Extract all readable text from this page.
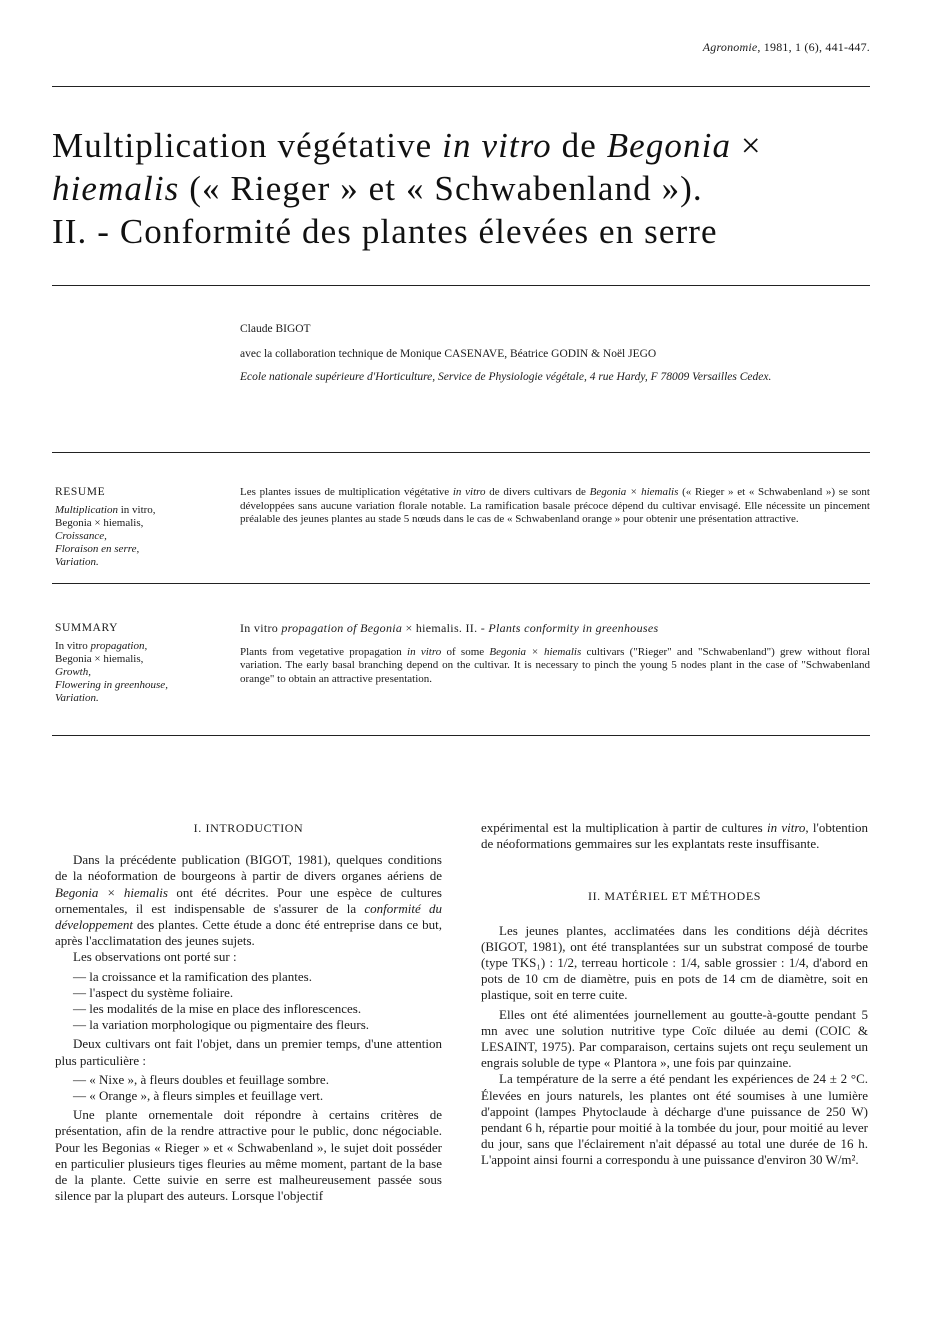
Agronomie, 1981, 1 (6), 441-447.
Multiplication végétative in vitro de Begonia ×
hiemalis (« Rieger » et « Schwabenland »).
II. - Conformité des plantes élevées en serre
Claude BIGOT
avec la collaboration technique de Monique CASENAVE, Béatrice GODIN & Noël JEGO
Ecole nationale supérieure d'Horticulture, Service de Physiologie végétale, 4 rue Hardy, F 78009 Versailles Cedex.
RESUME
Multiplication in vitro,
Begonia × hiemalis,
Croissance,
Floraison en serre,
Variation.
Les plantes issues de multiplication végétative in vitro de divers cultivars de Begonia × hiemalis (« Rieger » et « Schwabenland ») se sont développées sans aucune variation florale notable. La ramification basale précoce dépend du cultivar envisagé. Elle nécessite un pincement préalable des jeunes plantes au stade 5 nœuds dans le cas de « Schwabenland orange » pour obtenir une présentation attractive.
SUMMARY
In vitro propagation,
Begonia × hiemalis,
Growth,
Flowering in greenhouse,
Variation.
In vitro propagation of Begonia × hiemalis. II. - Plants conformity in greenhouses
Plants from vegetative propagation in vitro of some Begonia × hiemalis cultivars ("Rieger" and "Schwabenland") grew without floral variation. The early basal branching depend on the cultivar. It is necessary to pinch the young 5 nodes plant in the case of "Schwabenland orange" to obtain an attractive presentation.
I. INTRODUCTION

Dans la précédente publication (BIGOT, 1981), quelques conditions de la néoformation de bourgeons à partir de divers organes aériens de Begonia × hiemalis ont été décrites. Pour une espèce de cultures ornementales, il est indispensable de s'assurer de la conformité du développement des plantes. Cette étude a donc été entreprise dans ce but, après l'acclimatation des jeunes sujets.

Les observations ont porté sur :

— la croissance et la ramification des plantes.
— l'aspect du système foliaire.
— les modalités de la mise en place des inflorescences.
— la variation morphologique ou pigmentaire des fleurs.

Deux cultivars ont fait l'objet, dans un premier temps, d'une attention plus particulière :

— « Nixe », à fleurs doubles et feuillage sombre.
— « Orange », à fleurs simples et feuillage vert.

Une plante ornementale doit répondre à certains critères de présentation, afin de la rendre attractive pour le public, donc négociable. Pour les Begonias « Rieger » et « Schwabenland », le sujet doit posséder en particulier plusieurs tiges fleuries au même moment, partant de la base de la plante. Cette suivie en serre est malheureusement passée sous silence par la plupart des auteurs. Lorsque l'objectif

expérimental est la multiplication à partir de cultures in vitro, l'obtention de néoformations gemmaires sur les explantats reste insuffisante.

II. MATÉRIEL ET MÉTHODES

Les jeunes plantes, acclimatées dans les conditions déjà décrites (BIGOT, 1981), ont été transplantées sur un substrat composé de tourbe (type TKS₁) : 1/2, terreau horticole : 1/4, sable grossier : 1/4, d'abord en pots de 10 cm de diamètre, puis en pots de 14 cm de diamètre, soit en plastique, soit en terre cuite.

Elles ont été alimentées journellement au goutte-à-goutte pendant 5 mn avec une solution nutritive type Coïc diluée au demi (COIC & LESAINT, 1975). Par comparaison, certains sujets ont reçu seulement un engrais soluble de type « Plantora », une fois par quinzaine.

La température de la serre a été pendant les expériences de 24 ± 2 °C. Élevées en jours naturels, les plantes ont été soumises à une lumière d'appoint (lampes Phytoclaude à décharge d'une puissance de 250 W) pendant 6 h, répartie pour moitié à la tombée du jour, pour moitié au lever du jour, sans que l'éclairement n'ait dépassé au total une durée de 16 h. L'appoint ainsi fourni a correspondu à une puissance d'environ 30 W/m².
